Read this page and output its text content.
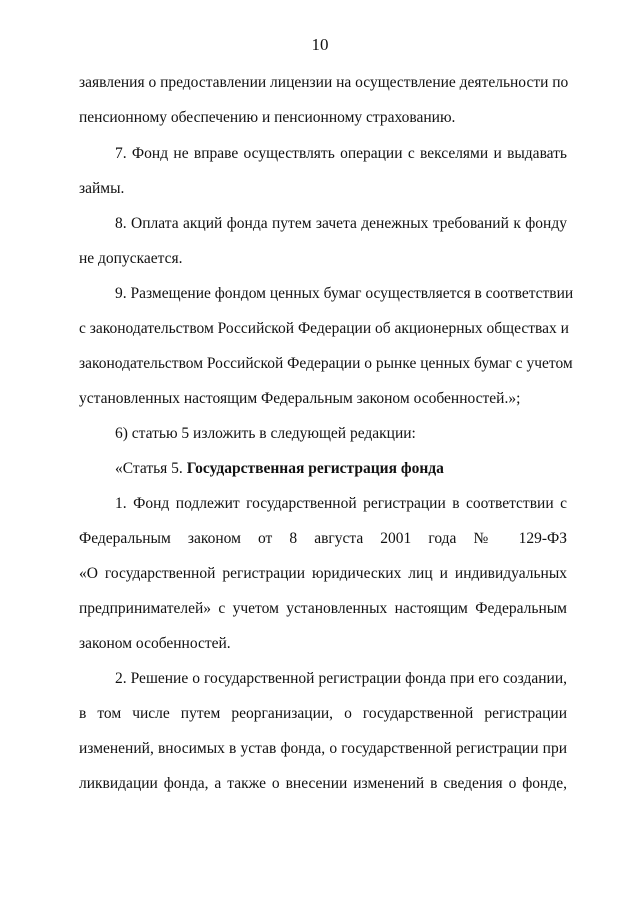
10
заявления о предоставлении лицензии на осуществление деятельности по
пенсионному обеспечению и пенсионному страхованию.
7. Фонд не вправе осуществлять операции с векселями и выдавать
займы.
8. Оплата акций фонда путем зачета денежных требований к фонду
не допускается.
9. Размещение фондом ценных бумаг осуществляется в соответствии
с законодательством Российской Федерации об акционерных обществах и
законодательством Российской Федерации о рынке ценных бумаг с учетом
установленных настоящим Федеральным законом особенностей.»;
6) статью 5 изложить в следующей редакции:
«Статья 5. Государственная регистрация фонда
1. Фонд подлежит государственной регистрации в соответствии с
Федеральным законом от 8 августа 2001 года № 129-ФЗ
«О государственной регистрации юридических лиц и индивидуальных
предпринимателей» с учетом установленных настоящим Федеральным
законом особенностей.
2. Решение о государственной регистрации фонда при его создании,
в том числе путем реорганизации, о государственной регистрации
изменений, вносимых в устав фонда, о государственной регистрации при
ликвидации фонда, а также о внесении изменений в сведения о фонде,
